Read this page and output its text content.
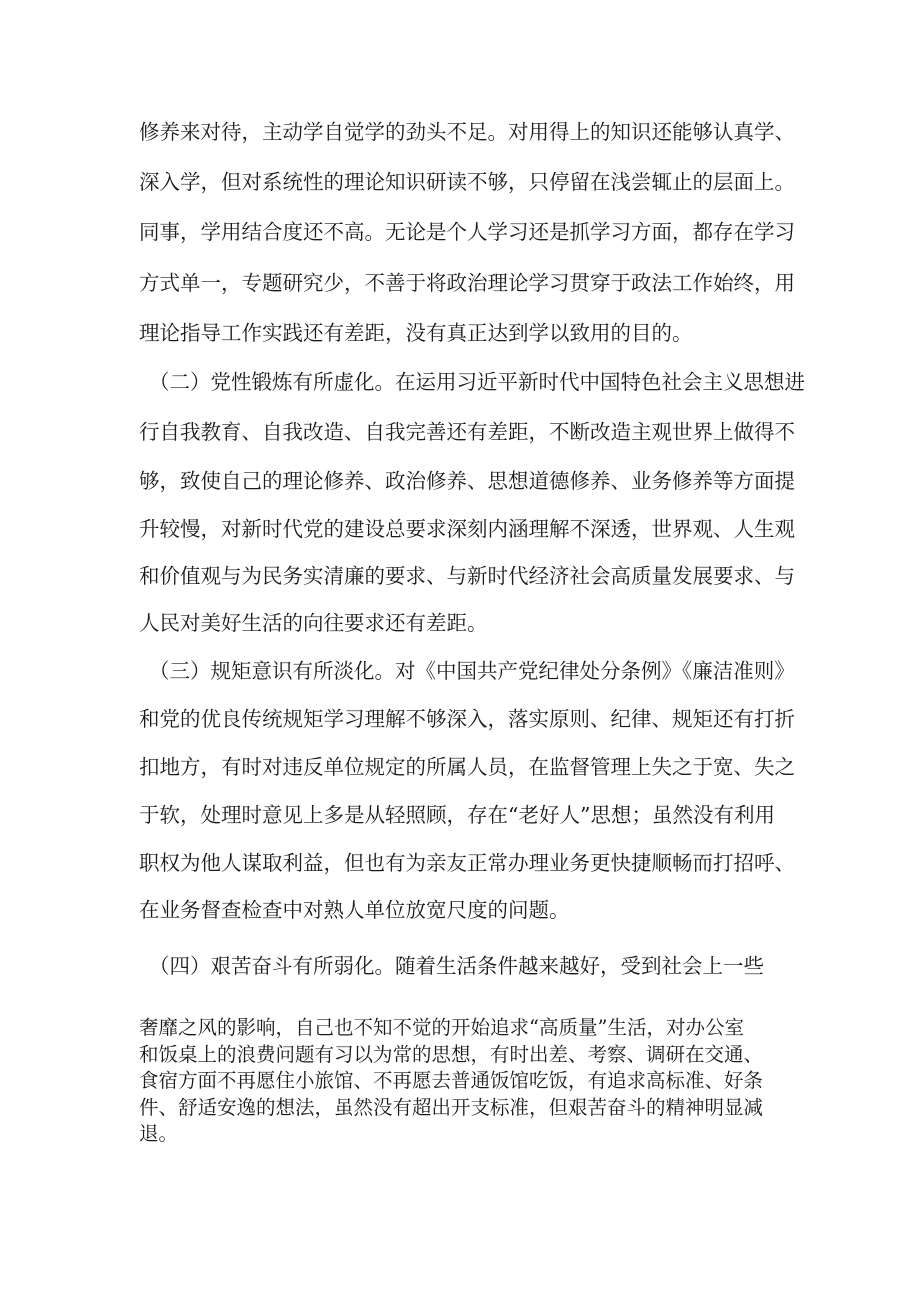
修养来对待，主动学自觉学的劲头不足。对用得上的知识还能够认真学、

深入学，但对系统性的理论知识研读不够，只停留在浅尝辄止的层面上。

同事，学用结合度还不高。无论是个人学习还是抓学习方面，都存在学习

方式单一，专题研究少，不善于将政治理论学习贯穿于政法工作始终，用

理论指导工作实践还有差距，没有真正达到学以致用的目的。

（二）党性锻炼有所虚化。在运用习近平新时代中国特色社会主义思想进

行自我教育、自我改造、自我完善还有差距，不断改造主观世界上做得不

够，致使自己的理论修养、政治修养、思想道德修养、业务修养等方面提

升较慢，对新时代党的建设总要求深刻内涵理解不深透，世界观、人生观

和价值观与为民务实清廉的要求、与新时代经济社会高质量发展要求、与

人民对美好生活的向往要求还有差距。

（三）规矩意识有所淡化。对《中国共产党纪律处分条例》《廉洁准则》

和党的优良传统规矩学习理解不够深入，落实原则、纪律、规矩还有打折

扣地方，有时对违反单位规定的所属人员，在监督管理上失之于宽、失之

于软，处理时意见上多是从轻照顾，存在“老好人”思想；虽然没有利用

职权为他人谋取利益，但也有为亲友正常办理业务更快捷顺畅而打招呼、

在业务督查检查中对熟人单位放宽尺度的问题。

（四）艰苦奋斗有所弱化。随着生活条件越来越好，受到社会上一些

奢靡之风的影响，自己也不知不觉的开始追求“高质量”生活，对办公室

和饭桌上的浪费问题有习以为常的思想，有时出差、考察、调研在交通、

食宿方面不再愿住小旅馆、不再愿去普通饭馆吃饭，有追求高标准、好条

件、舒适安逸的想法，虽然没有超出开支标准，但艰苦奋斗的精神明显减

退。
